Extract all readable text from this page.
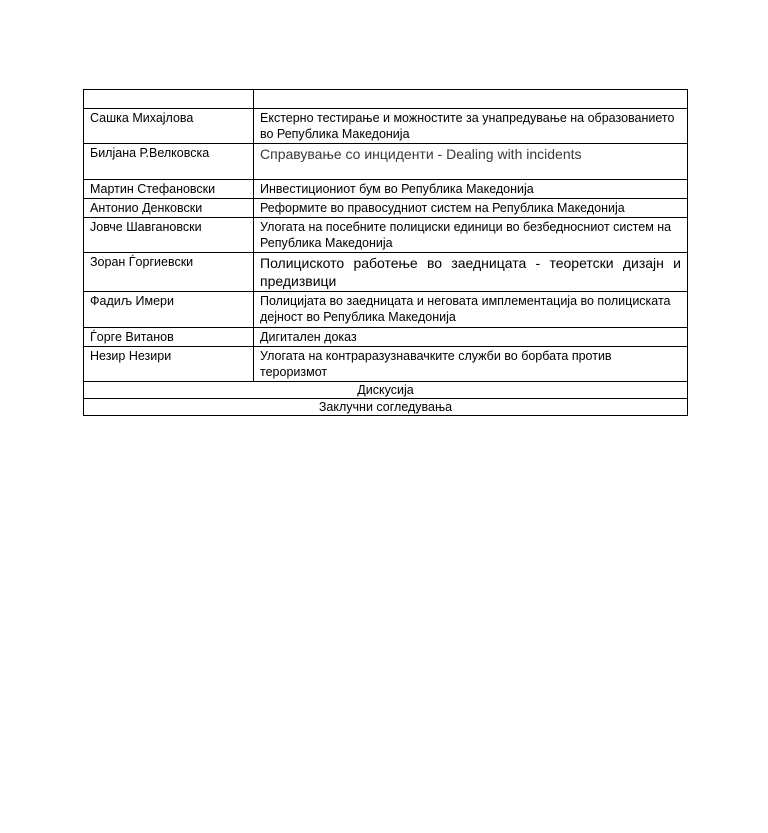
Сашка Михајлова	Екстерно тестирање и можностите за унапредување на образованието во Република Македонија
Билјана Р.Велковска	Справување со инциденти - Dealing with incidents
Мартин Стефановски	Инвестициониот бум во Република Македонија
Антонио Денковски	Реформите во правосудниот систем на Република Македонија
Јовче Шавгановски	Улогата на посебните полициски единици во безбедносниот систем на Република Македонија
Зоран Ѓоргиевски	Полициското работење во заедницата - теоретски дизајн и предизвици
Фадиљ Имери	Полицијата во заедницата и неговата имплементација во полициската дејност во Република Македонија
Ѓорге Витанов	Дигитален доказ
Незир Незири	Улогата на контраразузнавачките служби во борбата против тероризмот
Дискусија	
Заклучни согледувања	
